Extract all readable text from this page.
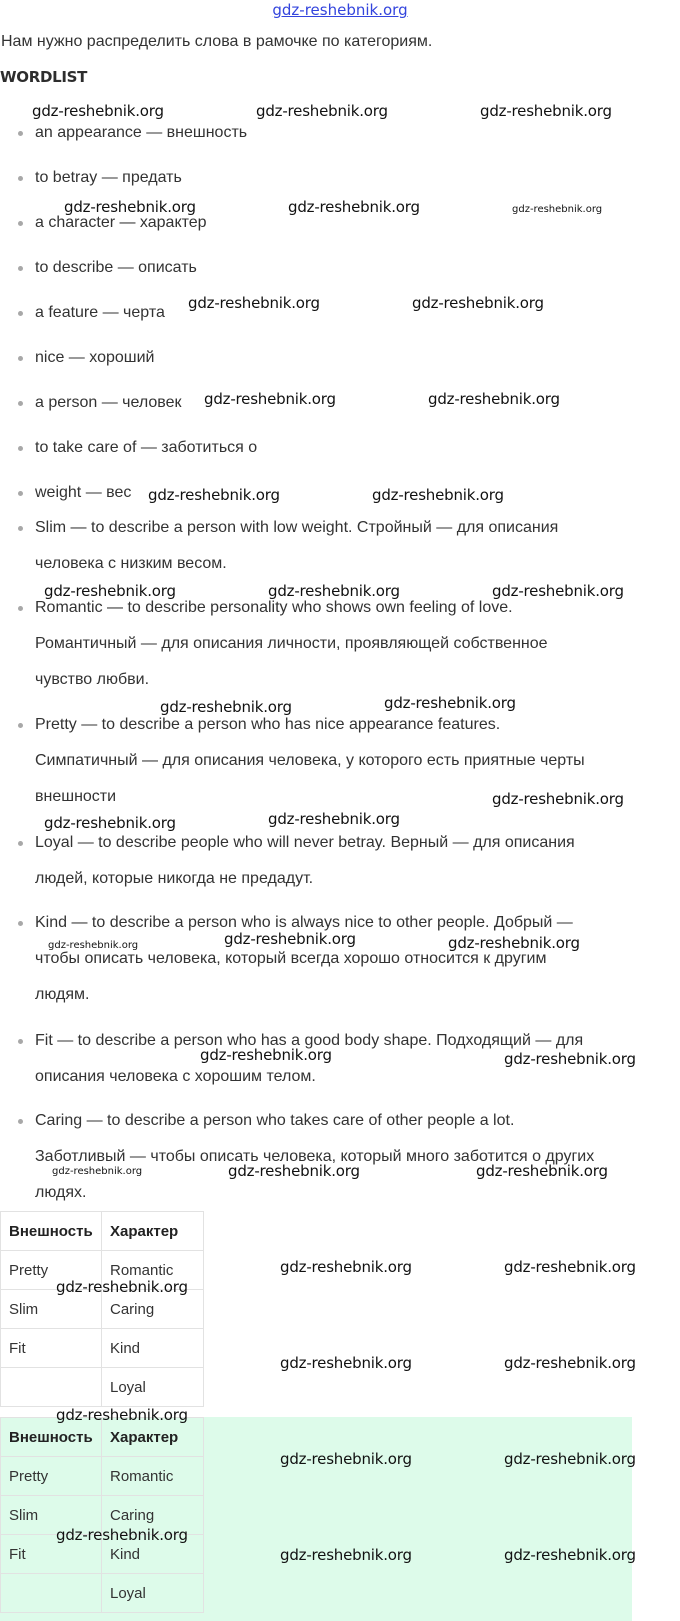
gdz-reshebnik.org

Нам нужно распределить слова в рамочке по категориям.

WORDLIST
an appearance — внешность
to betray — предать
a character — характер
to describe — описать
a feature — черта
nice — хороший
a person — человек
to take care of — заботиться о
weight — вес
Slim — to describe a person with low weight. Стройный — для описания
человека с низким весом.
Romantic — to describe personality who shows own feeling of love.
Романтичный — для описания личности, проявляющей собственное
чувство любви.
Pretty — to describe a person who has nice appearance features.
Симпатичный — для описания человека, у которого есть приятные черты
внешности
Loyal — to describe people who will never betray. Верный — для описания
людей, которые никогда не предадут.
Kind — to describe a person who is always nice to other people. Добрый —
чтобы описать человека, который всегда хорошо относится к другим
людям.
Fit — to describe a person who has a good body shape. Подходящий — для
описания человека с хорошим телом.
Caring — to describe a person who takes care of other people a lot.
Заботливый — чтобы описать человека, который много заботится о других
людях.
Внешность	Характер
Pretty	Romantic
Slim	Caring
Fit	Kind
	Loyal
Внешность	Характер
Pretty	Romantic
Slim	Caring
Fit	Kind
	Loyal
gdz-reshebnik.org	gdz-reshebnik.org	gdz-reshebnik.org
gdz-reshebnik.org	gdz-reshebnik.org	gdz-reshebnik.org
gdz-reshebnik.org	gdz-reshebnik.org
gdz-reshebnik.org	gdz-reshebnik.org
gdz-reshebnik.org	gdz-reshebnik.org
gdz-reshebnik.org	gdz-reshebnik.org	gdz-reshebnik.org
gdz-reshebnik.org	gdz-reshebnik.org
gdz-reshebnik.org
gdz-reshebnik.org	gdz-reshebnik.org
gdz-reshebnik.org	gdz-reshebnik.org	gdz-reshebnik.org
gdz-reshebnik.org	gdz-reshebnik.org
gdz-reshebnik.org	gdz-reshebnik.org	gdz-reshebnik.org
gdz-reshebnik.org	gdz-reshebnik.org
gdz-reshebnik.org
gdz-reshebnik.org	gdz-reshebnik.org
gdz-reshebnik.org
gdz-reshebnik.org	gdz-reshebnik.org
gdz-reshebnik.org
gdz-reshebnik.org	gdz-reshebnik.org
